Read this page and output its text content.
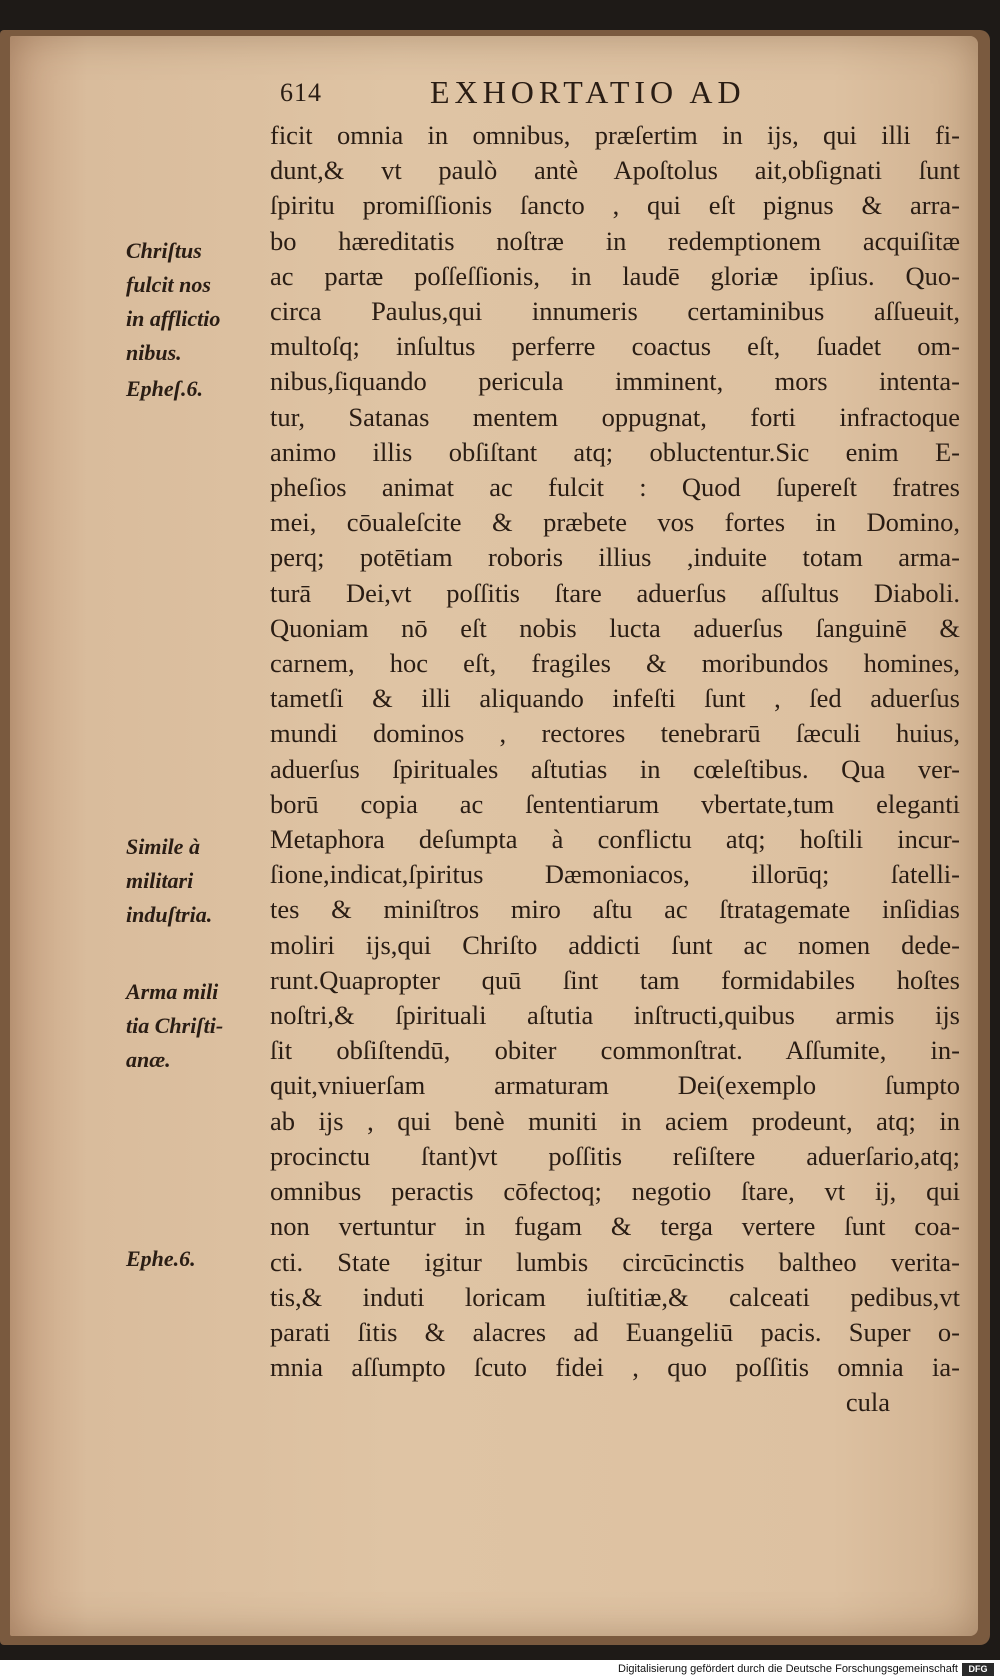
614	EXHORTATIO AD
ficit omnia in omnibus, præſertim in ijs, qui illi fi-
dunt,& vt paulò antè Apoſtolus ait,obſignati ſunt
ſpiritu promiſſionis ſancto , qui eſt pignus & arra-
bo hæreditatis noſtræ in redemptionem acquiſitæ
ac partæ poſſeſſionis, in laudē gloriæ ipſius. Quo-
circa Paulus,qui innumeris certaminibus aſſueuit,
multoſq; inſultus perferre coactus eſt, ſuadet om-
nibus,ſiquando pericula imminent, mors intenta-
tur, Satanas mentem oppugnat, forti infractoque
animo illis obſiſtant atq; obluctentur.Sic enim E-
pheſios animat ac fulcit : Quod ſupereſt fratres
mei, cōualeſcite & præbete vos fortes in Domino,
perq; potētiam roboris illius ,induite totam arma-
turā Dei,vt poſſitis ſtare aduerſus aſſultus Diaboli.
Quoniam nō eſt nobis lucta aduerſus ſanguinē &
carnem, hoc eſt, fragiles & moribundos homines,
tametſi & illi aliquando infeſti ſunt , ſed aduerſus
mundi dominos , rectores tenebrarū ſæculi huius,
aduerſus ſpirituales aſtutias in cœleſtibus. Qua ver-
borū copia ac ſententiarum vbertate,tum eleganti
Metaphora deſumpta à conflictu atq; hoſtili incur-
ſione,indicat,ſpiritus Dæmoniacos, illorūq; ſatelli-
tes & miniſtros miro aſtu ac ſtratagemate inſidias
moliri ijs,qui Chriſto addicti ſunt ac nomen dede-
runt.Quapropter quū ſint tam formidabiles hoſtes
noſtri,& ſpirituali aſtutia inſtructi,quibus armis ijs
ſit obſiſtendū, obiter commonſtrat. Aſſumite, in-
quit,vniuerſam armaturam Dei(exemplo ſumpto
ab ijs , qui benè muniti in aciem prodeunt, atq; in
procinctu ſtant)vt poſſitis reſiſtere aduerſario,atq;
omnibus peractis cōfectoq; negotio ſtare, vt ij, qui
non vertuntur in fugam & terga vertere ſunt coa-
cti. State igitur lumbis circūcinctis baltheo verita-
tis,& induti loricam iuſtitiæ,& calceati pedibus,vt
parati ſitis & alacres ad Euangeliū pacis. Super o-
mnia aſſumpto ſcuto fidei , quo poſſitis omnia ia-
cula
Chriſtus
fulcit nos
in afflictio
nibus.
Epheſ.6.
Simile à
militari
induſtria.
Arma mili
tia Chriſti-
anæ.
Ephe.6.
Digitalisierung gefördert durch die Deutsche Forschungsgemeinschaft	DFG
